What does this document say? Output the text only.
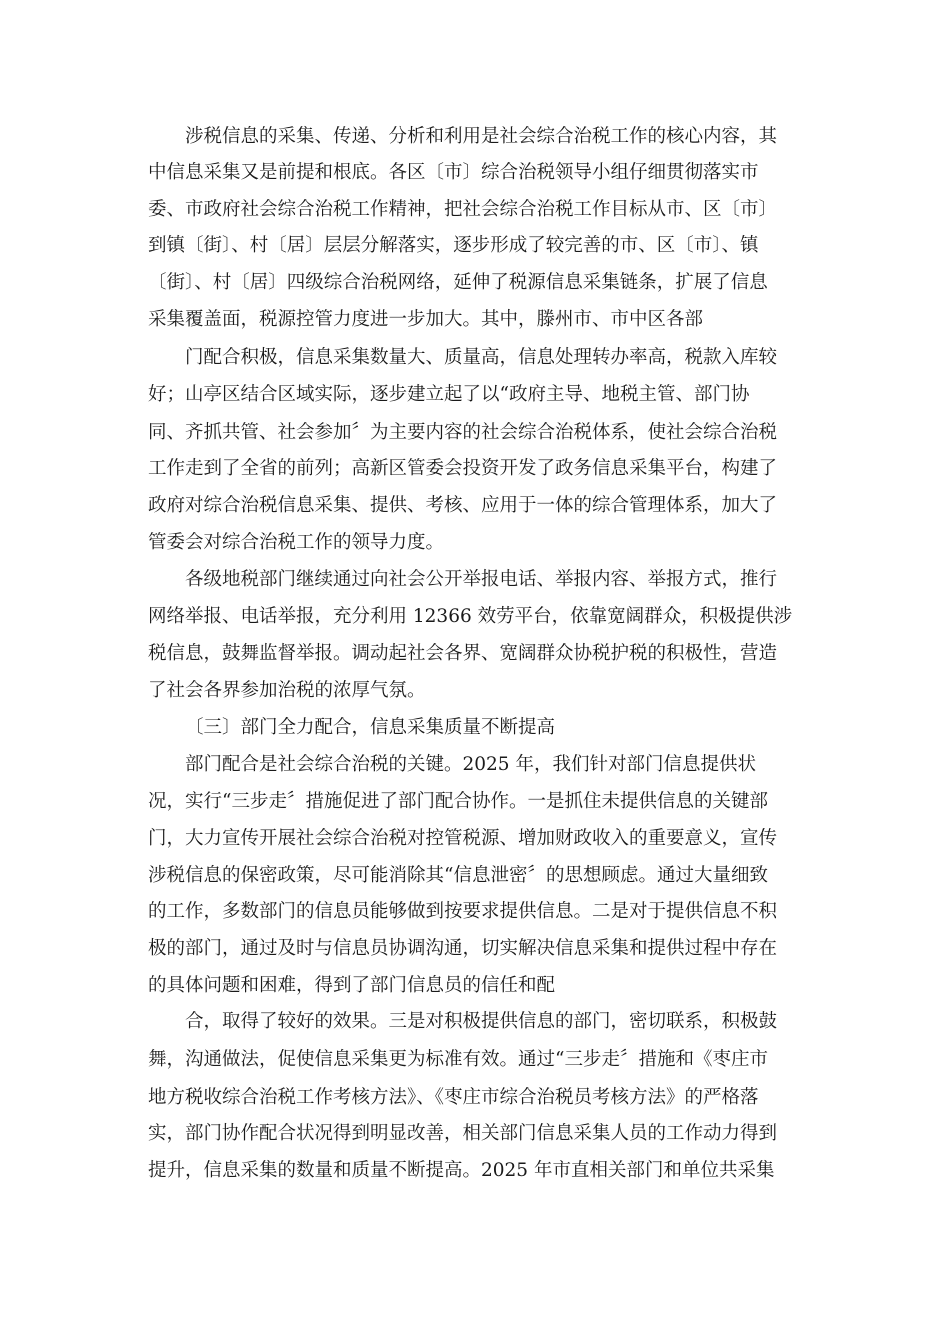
涉税信息的采集、传递、分析和利用是社会综合治税工作的核心内容，其
中信息采集又是前提和根底。各区〔市〕综合治税领导小组仔细贯彻落实市
委、市政府社会综合治税工作精神，把社会综合治税工作目标从市、区〔市〕
到镇〔街〕、村〔居〕层层分解落实，逐步形成了较完善的市、区〔市〕、镇
〔街〕、村〔居〕四级综合治税网络，延伸了税源信息采集链条，扩展了信息
采集覆盖面，税源控管力度进一步加大。其中，滕州市、市中区各部
门配合积极，信息采集数量大、质量高，信息处理转办率高，税款入库较
好；山亭区结合区域实际，逐步建立起了以“政府主导、地税主管、部门协
同、齐抓共管、社会参加〞为主要内容的社会综合治税体系，使社会综合治税
工作走到了全省的前列；高新区管委会投资开发了政务信息采集平台，构建了
政府对综合治税信息采集、提供、考核、应用于一体的综合管理体系，加大了
管委会对综合治税工作的领导力度。
各级地税部门继续通过向社会公开举报电话、举报内容、举报方式，推行
网络举报、电话举报，充分利用 12366 效劳平台，依靠宽阔群众，积极提供涉
税信息，鼓舞监督举报。调动起社会各界、宽阔群众协税护税的积极性，营造
了社会各界参加治税的浓厚气氛。
〔三〕部门全力配合，信息采集质量不断提高
部门配合是社会综合治税的关键。2025 年，我们针对部门信息提供状
况，实行“三步走〞措施促进了部门配合协作。一是抓住未提供信息的关键部
门，大力宣传开展社会综合治税对控管税源、增加财政收入的重要意义，宣传
涉税信息的保密政策，尽可能消除其“信息泄密〞的思想顾虑。通过大量细致
的工作，多数部门的信息员能够做到按要求提供信息。二是对于提供信息不积
极的部门，通过及时与信息员协调沟通，切实解决信息采集和提供过程中存在
的具体问题和困难，得到了部门信息员的信任和配
合，取得了较好的效果。三是对积极提供信息的部门，密切联系，积极鼓
舞，沟通做法，促使信息采集更为标准有效。通过“三步走〞措施和《枣庄市
地方税收综合治税工作考核方法》、《枣庄市综合治税员考核方法》的严格落
实，部门协作配合状况得到明显改善，相关部门信息采集人员的工作动力得到
提升，信息采集的数量和质量不断提高。2025 年市直相关部门和单位共采集
